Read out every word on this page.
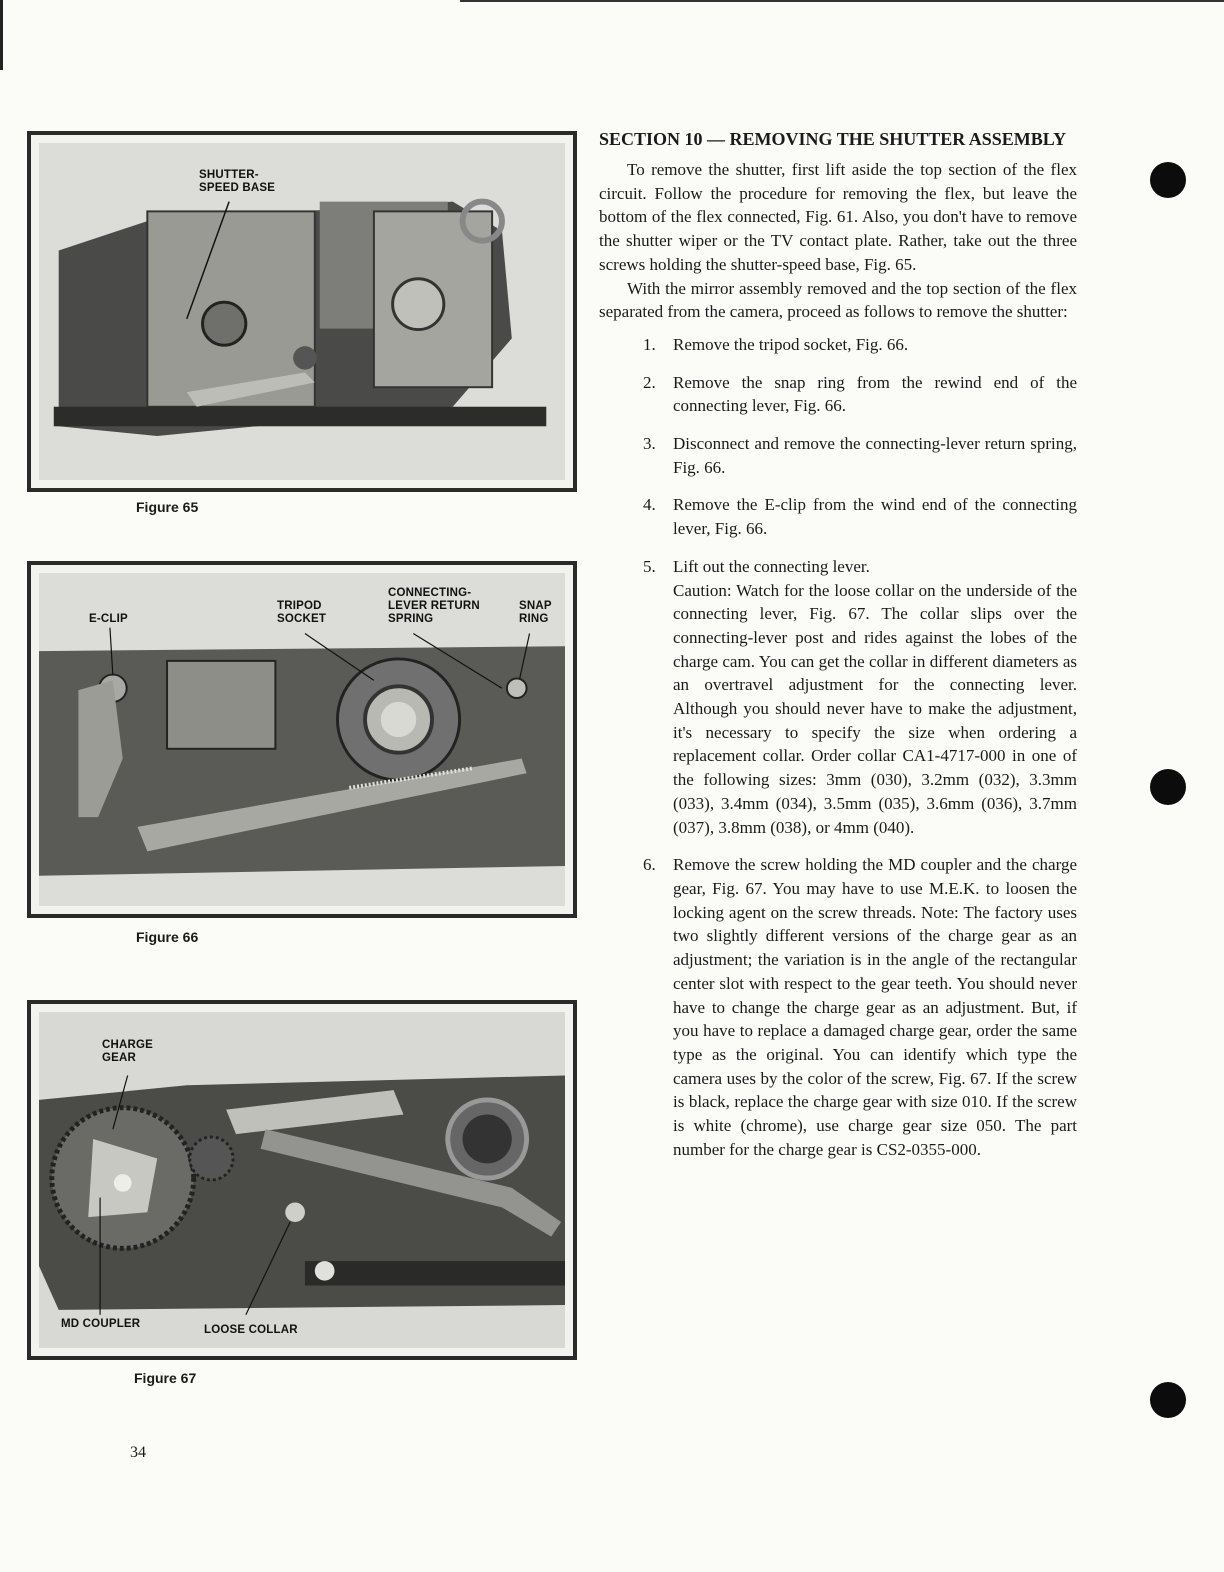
SHUTTER-
SPEED BASE
Figure 65
E-CLIP
TRIPOD
SOCKET
CONNECTING-
LEVER RETURN
SPRING
SNAP
RING
Figure 66
CHARGE
GEAR
MD COUPLER	LOOSE COLLAR
Figure 67
SECTION 10 — REMOVING THE SHUTTER ASSEMBLY

To remove the shutter, first lift aside the top section of the flex circuit. Follow the procedure for removing the flex, but leave the bottom of the flex connected, Fig. 61. Also, you don't have to remove the shutter wiper or the TV contact plate. Rather, take out the three screws holding the shutter-speed base, Fig. 65.

With the mirror assembly removed and the top section of the flex separated from the camera, proceed as follows to remove the shutter:

1. Remove the tripod socket, Fig. 66.
2. Remove the snap ring from the rewind end of the connecting lever, Fig. 66.
3. Disconnect and remove the connecting-lever return spring, Fig. 66.
4. Remove the E-clip from the wind end of the connecting lever, Fig. 66.
5. Lift out the connecting lever.
Caution: Watch for the loose collar on the underside of the connecting lever, Fig. 67. The collar slips over the connecting-lever post and rides against the lobes of the charge cam. You can get the collar in different diameters as an overtravel adjustment for the connecting lever. Although you should never have to make the adjustment, it's necessary to specify the size when ordering a replacement collar. Order collar CA1-4717-000 in one of the following sizes: 3mm (030), 3.2mm (032), 3.3mm (033), 3.4mm (034), 3.5mm (035), 3.6mm (036), 3.7mm (037), 3.8mm (038), or 4mm (040).
6. Remove the screw holding the MD coupler and the charge gear, Fig. 67. You may have to use M.E.K. to loosen the locking agent on the screw threads. Note: The factory uses two slightly different versions of the charge gear as an adjustment; the variation is in the angle of the rectangular center slot with respect to the gear teeth. You should never have to change the charge gear as an adjustment. But, if you have to replace a damaged charge gear, order the same type as the original. You can identify which type the camera uses by the color of the screw, Fig. 67. If the screw is black, replace the charge gear with size 010. If the screw is white (chrome), use charge gear size 050. The part number for the charge gear is CS2-0355-000.
34
